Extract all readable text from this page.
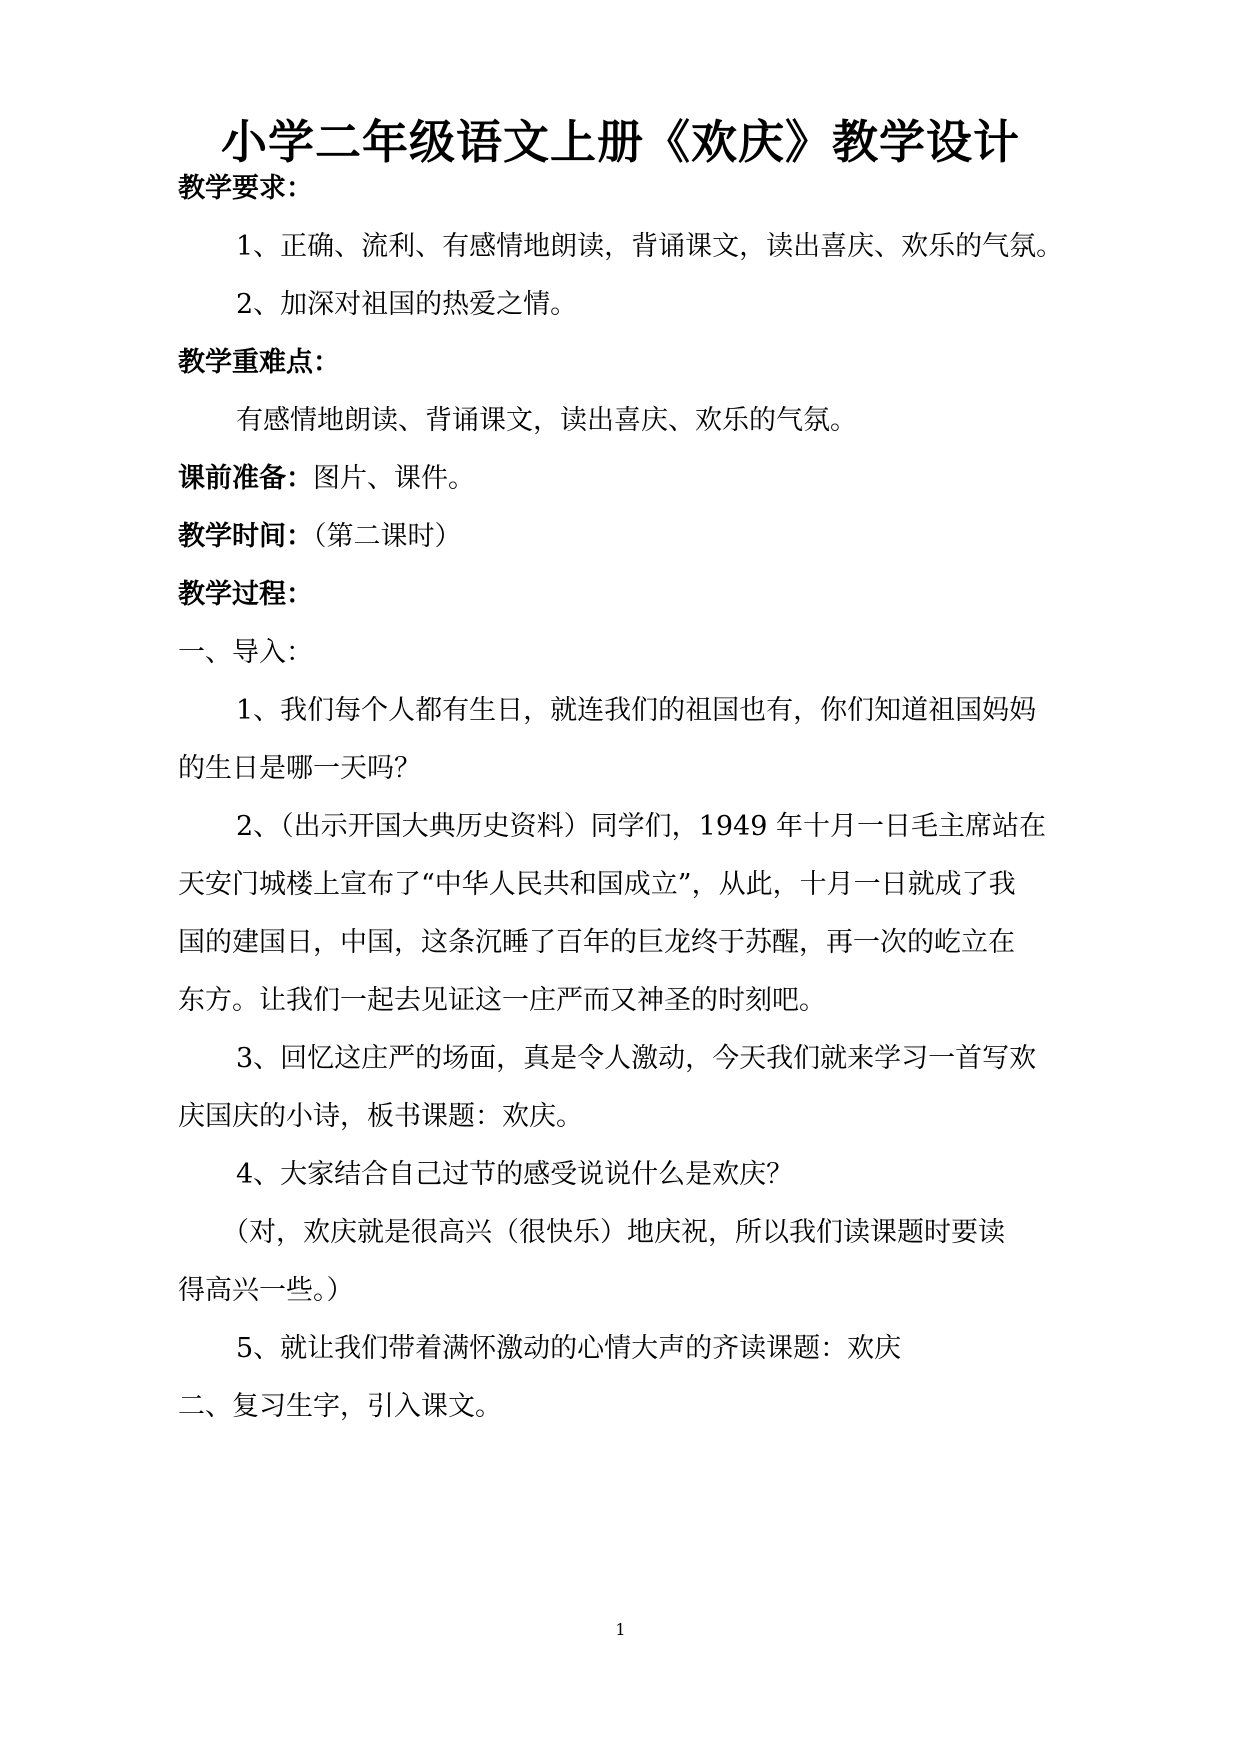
小学二年级语文上册《欢庆》教学设计
教学要求：
1、正确、流利、有感情地朗读，背诵课文，读出喜庆、欢乐的气氛。
2、加深对祖国的热爱之情。
教学重难点：
有感情地朗读、背诵课文，读出喜庆、欢乐的气氛。
课前准备：图片、课件。
教学时间：（第二课时）
教学过程：
一、导入：
1、我们每个人都有生日，就连我们的祖国也有，你们知道祖国妈妈
的生日是哪一天吗？
2、（出示开国大典历史资料）同学们，1949 年十月一日毛主席站在
天安门城楼上宣布了“中华人民共和国成立”，从此，十月一日就成了我
国的建国日，中国，这条沉睡了百年的巨龙终于苏醒，再一次的屹立在
东方。让我们一起去见证这一庄严而又神圣的时刻吧。
3、回忆这庄严的场面，真是令人激动，今天我们就来学习一首写欢
庆国庆的小诗，板书课题：欢庆。
4、大家结合自己过节的感受说说什么是欢庆？
（对，欢庆就是很高兴（很快乐）地庆祝，所以我们读课题时要读
得高兴一些。）
5、就让我们带着满怀激动的心情大声的齐读课题：欢庆
二、复习生字，引入课文。
1
